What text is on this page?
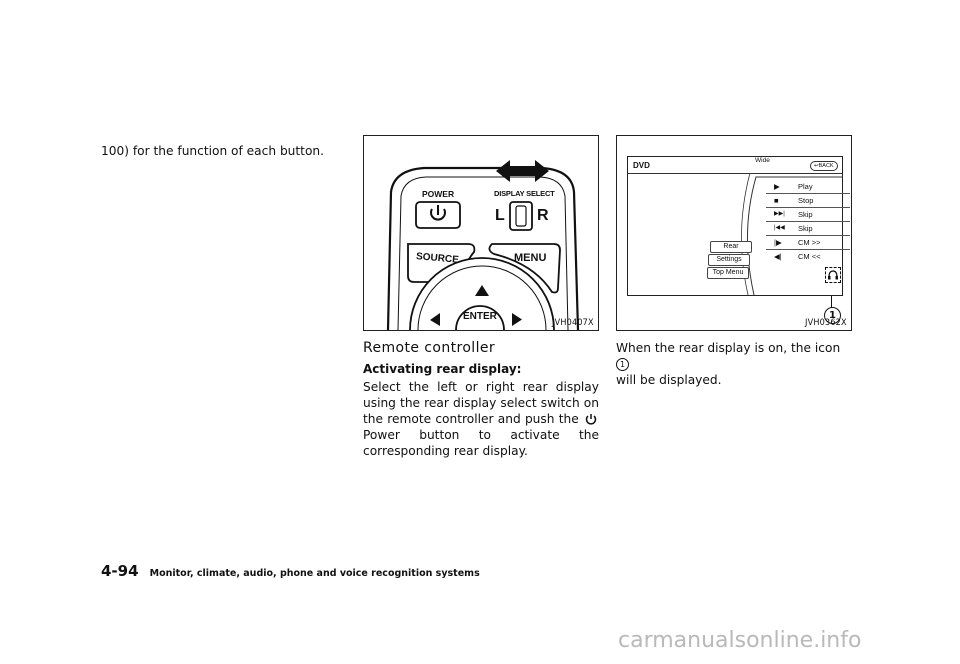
100) for the function of each button.
POWER	DISPLAY SELECT
L R
SOURCE	MENU
ENTER
JVH0407X
Remote controller
Activating rear display:
Select the left or right rear display using the rear display select switch on the remote controller and push the  Power button to activate the corresponding rear display.
DVD
Wide
↩BACK
▶ Play
■	Stop
▶▶| Skip
|◀◀ Skip
|▶ CM >>
◀| CM <<
Rear
Settings
Top Menu
1
JVH0362X
When the rear display is on, the icon 1
will be displayed.
4-94 Monitor, climate, audio, phone and voice recognition systems
carmanualsonline.info
